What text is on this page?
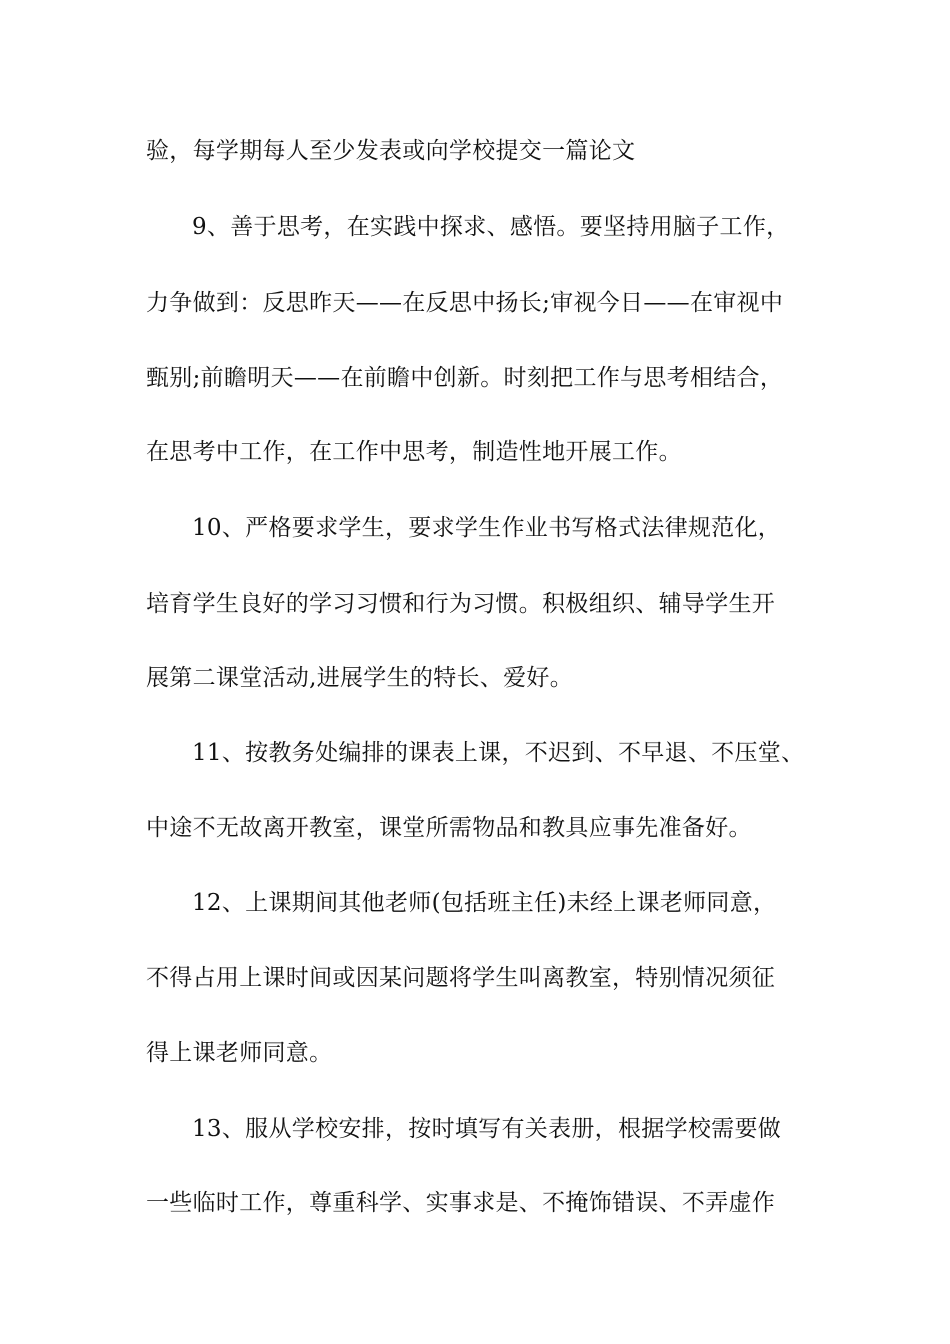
验，每学期每人至少发表或向学校提交一篇论文
9、善于思考，在实践中探求、感悟。要坚持用脑子工作，
力争做到：反思昨天——在反思中扬长;审视今日——在审视中
甄别;前瞻明天——在前瞻中创新。时刻把工作与思考相结合，
在思考中工作，在工作中思考，制造性地开展工作。
10、严格要求学生，要求学生作业书写格式法律规范化，
培育学生良好的学习习惯和行为习惯。积极组织、辅导学生开
展第二课堂活动,进展学生的特长、爱好。
11、按教务处编排的课表上课，不迟到、不早退、不压堂、
中途不无故离开教室，课堂所需物品和教具应事先准备好。
12、上课期间其他老师(包括班主任)未经上课老师同意，
不得占用上课时间或因某问题将学生叫离教室，特别情况须征
得上课老师同意。
13、服从学校安排，按时填写有关表册，根据学校需要做
一些临时工作，尊重科学、实事求是、不掩饰错误、不弄虚作
